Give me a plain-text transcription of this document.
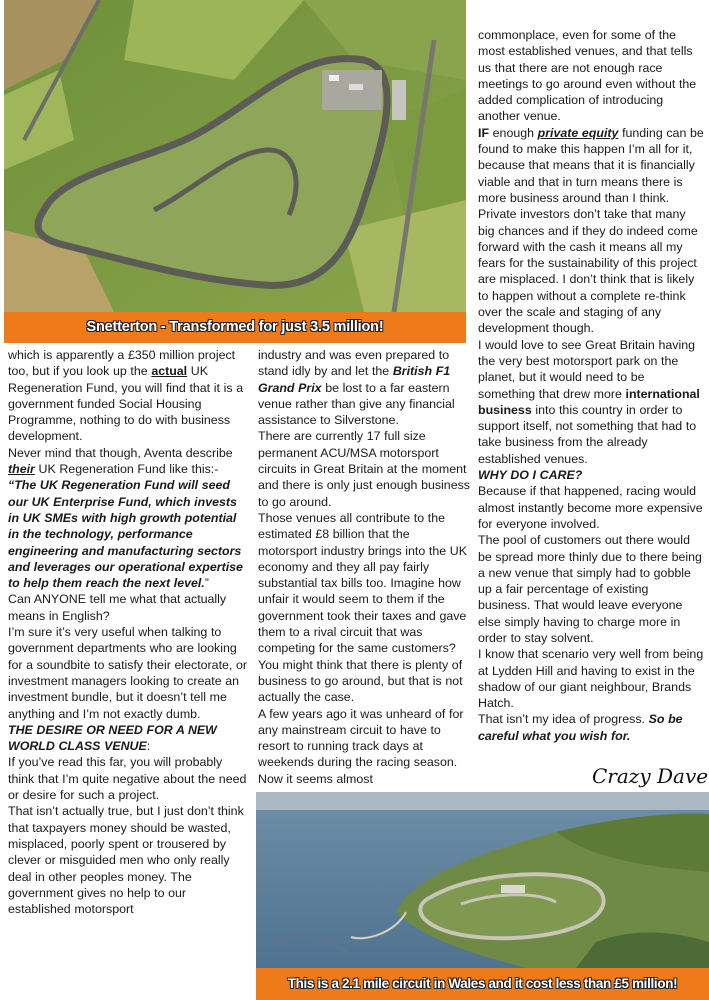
Snetterton - Transformed for just 3.5 million!

which is apparently a £350 million project too, but if you look up the actual UK Regeneration Fund, you will find that it is a government funded Social Housing Programme, nothing to do with business development.

Never mind that though, Aventa describe their UK Regeneration Fund like this:-

“The UK Regeneration Fund will seed our UK Enterprise Fund, which invests in UK SMEs with high growth potential in the technology, performance engineering and manufacturing sectors and leverages our operational expertise to help them reach the next level.”

Can ANYONE tell me what that actually means in English?

I’m sure it’s very useful when talking to government departments who are looking for a soundbite to satisfy their electorate, or investment managers looking to create an investment bundle, but it doesn’t tell me anything and I’m not exactly dumb.

THE DESIRE OR NEED FOR A NEW WORLD CLASS VENUE:

If you’ve read this far, you will probably think that I’m quite negative about the need or desire for such a project.

That isn’t actually true, but I just don’t think that taxpayers money should be wasted, misplaced, poorly spent or trousered by clever or misguided men who only really deal in other peoples money. The government gives no help to our established motorsport

industry and was even prepared to stand idly by and let the British F1 Grand Prix be lost to a far eastern venue rather than give any financial assistance to Silverstone.

There are currently 17 full size permanent ACU/MSA motorsport circuits in Great Britain at the moment and there is only just enough business to go around.

Those venues all contribute to the estimated £8 billion that the motorsport industry brings into the UK economy and they all pay fairly substantial tax bills too. Imagine how unfair it would seem to them if the government took their taxes and gave them to a rival circuit that was competing for the same customers?

You might think that there is plenty of business to go around, but that is not actually the case.

A few years ago it was unheard of for any mainstream circuit to have to resort to running track days at weekends during the racing season. Now it seems almost

commonplace, even for some of the most established venues, and that tells us that there are not enough race meetings to go around even without the added complication of introducing another venue.

IF enough private equity funding can be found to make this happen I’m all for it, because that means that it is financially viable and that in turn means there is more business around than I think. Private investors don’t take that many big chances and if they do indeed come forward with the cash it means all my fears for the sustainability of this project are misplaced. I don’t think that is likely to happen without a complete re-think over the scale and staging of any development though.

I would love to see Great Britain having the very best motorsport park on the planet, but it would need to be something that drew more international business into this country in order to support itself, not something that had to take business from the already established venues.

WHY DO I CARE?

Because if that happened, racing would almost instantly become more expensive for everyone involved.

The pool of customers out there would be spread more thinly due to there being a new venue that simply had to gobble up a fair percentage of existing business. That would leave everyone else simply having to charge more in order to stay solvent.

I know that scenario very well from being at Lydden Hill and having to exist in the shadow of our giant neighbour, Brands Hatch.

That isn’t my idea of progress. So be careful what you wish for.

Crazy Dave
This is a 2.1 mile circuit in Wales and it cost less than £5 million!
